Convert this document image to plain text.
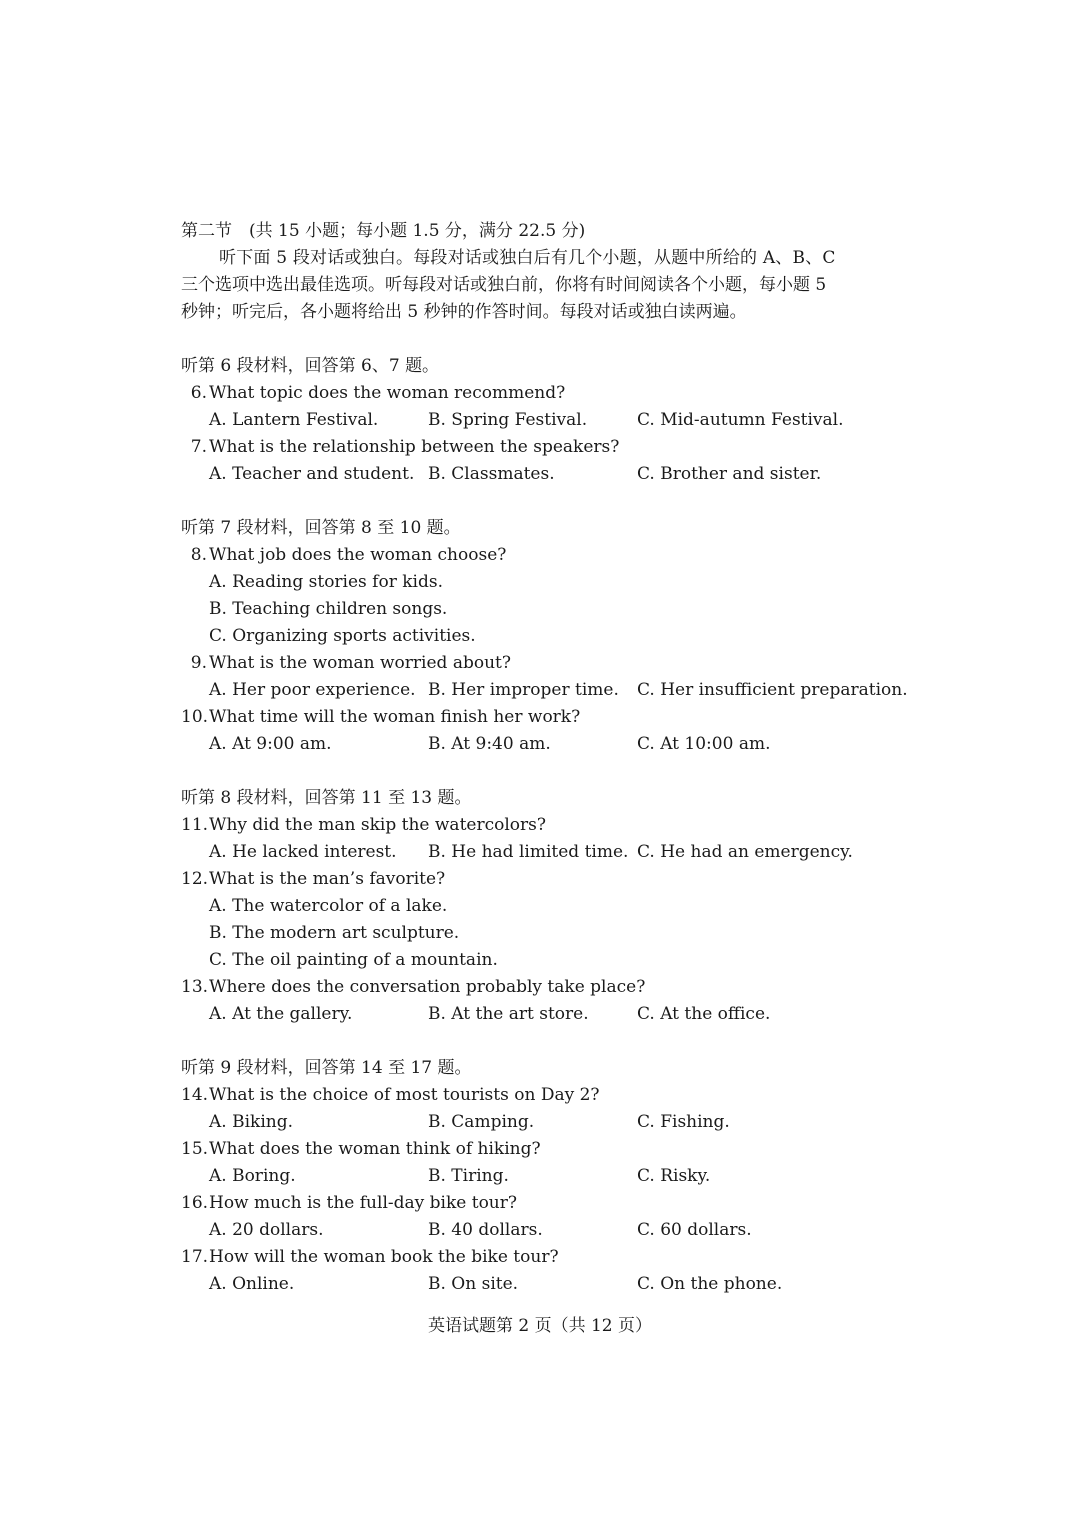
第二节　(共 15 小题；每小题 1.5 分，满分 22.5 分)

听下面 5 段对话或独白。每段对话或独白后有几个小题，从题中所给的 A、B、C

三个选项中选出最佳选项。听每段对话或独白前，你将有时间阅读各个小题，每小题 5

秒钟；听完后，各小题将给出 5 秒钟的作答时间。每段对话或独白读两遍。

听第 6 段材料，回答第 6、7 题。
6. What topic does the woman recommend?
A. Lantern Festival.	B. Spring Festival.	C. Mid-autumn Festival.
7. What is the relationship between the speakers?
A. Teacher and student. B. Classmates.	C. Brother and sister.
听第 7 段材料，回答第 8 至 10 题。
8. What job does the woman choose?
A. Reading stories for kids.
B. Teaching children songs.
C. Organizing sports activities.
9. What is the woman worried about?
A. Her poor experience. B. Her improper time. C. Her insufficient preparation.
10. What time will the woman finish her work?
A. At 9:00 am.	B. At 9:40 am.	C. At 10:00 am.
听第 8 段材料，回答第 11 至 13 题。
11. Why did the man skip the watercolors?
A. He lacked interest. B. He had limited time. C. He had an emergency.
12. What is the man’s favorite?
A. The watercolor of a lake.
B. The modern art sculpture.
C. The oil painting of a mountain.
13. Where does the conversation probably take place?
A. At the gallery.	B. At the art store.	C. At the office.
听第 9 段材料，回答第 14 至 17 题。
14. What is the choice of most tourists on Day 2?
A. Biking.	B. Camping.	C. Fishing.
15. What does the woman think of hiking?
A. Boring.	B. Tiring.	C. Risky.
16. How much is the full-day bike tour?
A. 20 dollars.	B. 40 dollars.	C. 60 dollars.
17. How will the woman book the bike tour?
A. Online.	B. On site.	C. On the phone.
英语试题第 2 页（共 12 页）
